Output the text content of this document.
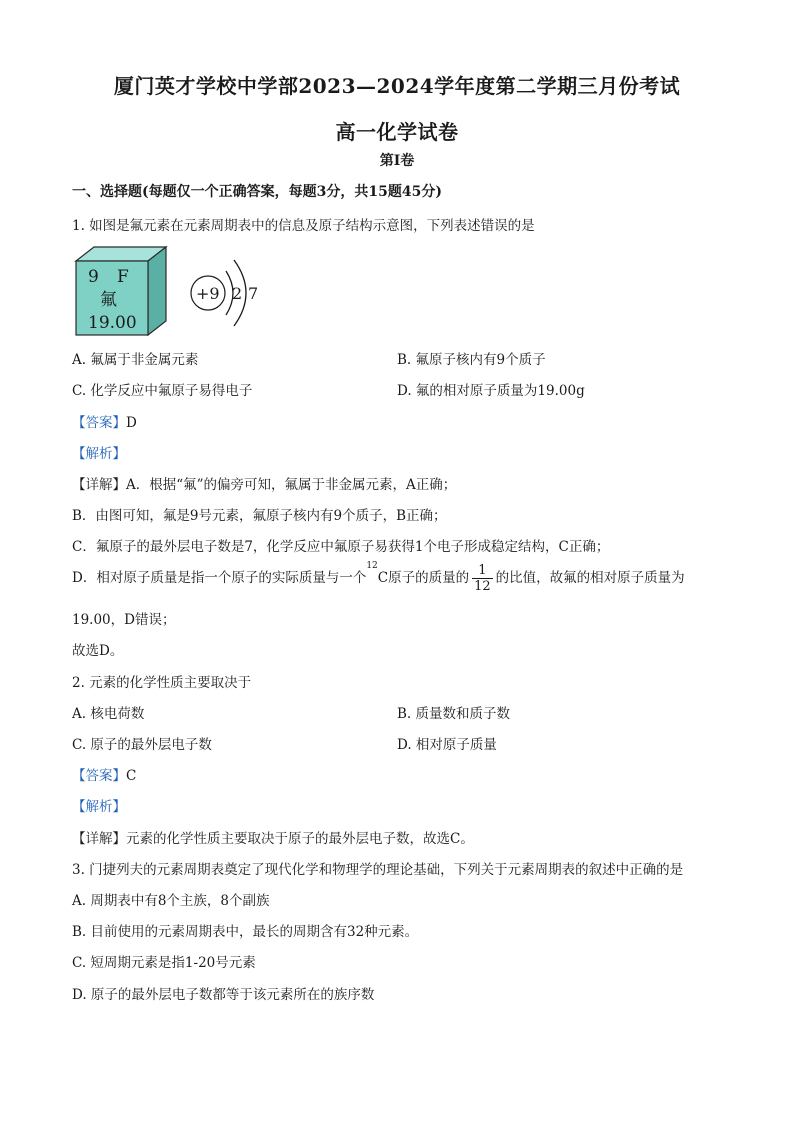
厦门英才学校中学部2023—2024学年度第二学期三月份考试
高一化学试卷
第I卷
一、选择题(每题仅一个正确答案，每题3分，共15题45分)
1. 如图是氟元素在元素周期表中的信息及原子结构示意图，下列表述错误的是
9 F
氟
19.00
+9 2 7
A. 氟属于非金属元素	B. 氟原子核内有9个质子
C. 化学反应中氟原子易得电子	D. 氟的相对原子质量为19.00g
【答案】D
【解析】
【详解】A．根据“氟”的偏旁可知，氟属于非金属元素，A正确；
B．由图可知，氟是9号元素，氟原子核内有9个质子，B正确；
C．氟原子的最外层电子数是7，化学反应中氟原子易获得1个电子形成稳定结构，C正确；
D．相对原子质量是指一个原子的实际质量与一个$^{12}$C原子的质量的 $\frac{1}{12}$ 的比值，故氟的相对原子质量为
19.00，D错误；
故选D。
2. 元素的化学性质主要取决于
A. 核电荷数	B. 质量数和质子数
C. 原子的最外层电子数	D. 相对原子质量
【答案】C
【解析】
【详解】元素的化学性质主要取决于原子的最外层电子数，故选C。
3. 门捷列夫的元素周期表奠定了现代化学和物理学的理论基础，下列关于元素周期表的叙述中正确的是
A. 周期表中有8个主族，8个副族
B. 目前使用的元素周期表中，最长的周期含有32种元素。
C. 短周期元素是指1-20号元素
D. 原子的最外层电子数都等于该元素所在的族序数
